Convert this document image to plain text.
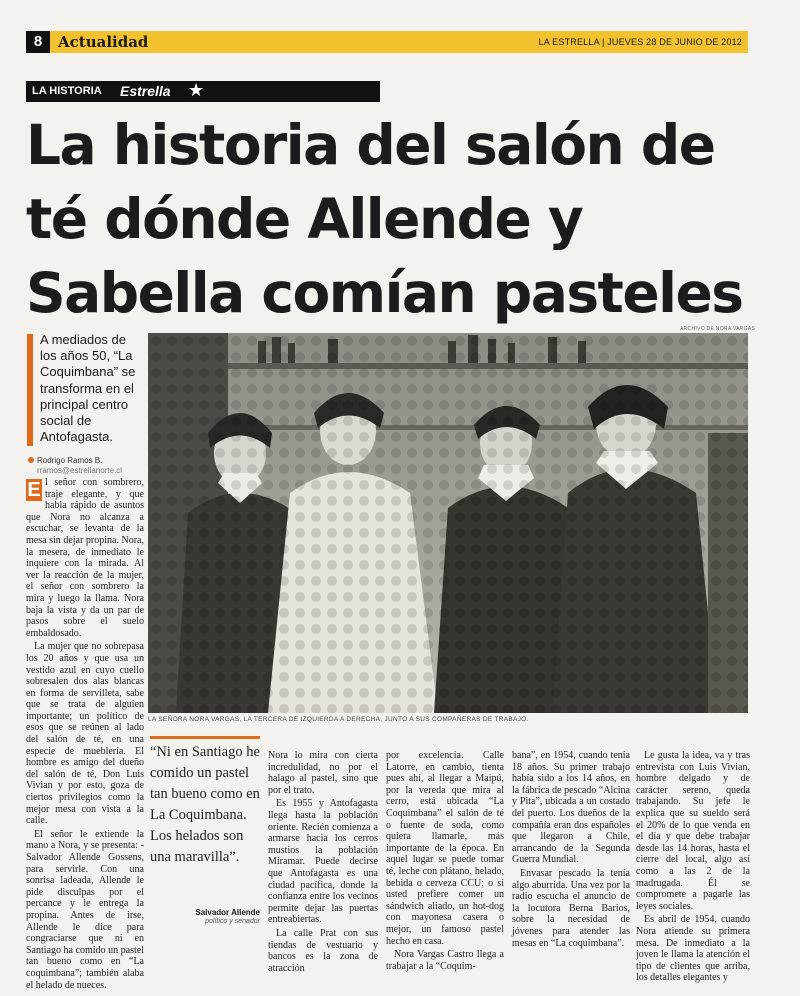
8	Actualidad	LA ESTRELLA | JUEVES 28 DE JUNIO DE 2012
LA HISTORIA Estrella ★
La historia del salón de
té dónde Allende y
Sabella comían pasteles
A mediados de los años 50, “La Coquimbana” se transforma en el principal centro social de Antofagasta.
Rodrigo Ramos B.
rramos@estrellanorte.cl
ARCHIVO DE NORA VARGAS
LA SEÑORA NORA VARGAS, LA TERCERA DE IZQUIERDA A DERECHA, JUNTO A SUS COMPAÑERAS DE TRABAJO.

E l señor con sombrero, traje elegante, y que habla rápido de asuntos que Nora no alcanza a escuchar, se levanta de la mesa sin dejar propina. Nora, la mesera, de inmediato le inquiere con la mirada. Al ver la reacción de la mujer, el señor con sombrero la mira y luego la llama. Nora baja la vista y da un par de pasos sobre el suelo embaldosado.

La mujer que no sobrepasa los 20 años y que usa un vestido azul en cuyo cuello sobresalen dos alas blancas en forma de servilleta, sabe que se trata de alguien importante; un político de esos que se reúnen al lado del salón de té, en una especie de mueblería. El hombre es amigo del dueño del salón de té, Don Luis Vivian y por esto, goza de ciertos privilegios como la mejor mesa con vista a la calle.

El señor le extiende la mano a Nora, y se presenta: -Salvador Allende Gossens, para servirle. Con una sonrisa ladeada, Allende le pide disculpas por el percance y le entrega la propina. Antes de irse, Allende le dice para congraciarse que ni en Santiago ha comido un pastel tan bueno como en “La coquimbana”; también alaba el helado de nueces.

“Ni en Santiago he comido un pastel tan bueno como en La Coquimbana. Los helados son una maravilla”.
Salvador Allende
político y senador

Nora lo mira con cierta incredulidad, no por el halago al pastel, sino que por el trato.

Es 1955 y Antofagasta llega hasta la población oriente. Recién comienza a armarse hacia los cerros mustios la población Miramar. Puede decirse que Antofagasta es una ciudad pacífica, donde la confianza entre los vecinos permite dejar las puertas entreabiertas.

La calle Prat con sus tiendas de vestuario y bancos es la zona de atracción

por excelencia. Calle Latorre, en cambio, tienta pues ahí, al llegar a Maipú, por la vereda que mira al cerro, está ubicada “La Coquimbana” el salón de té o fuente de soda, como quiera llamarle, más importante de la época. En aquel lugar se puede tomar té, leche con plátano, helado, bebida o cerveza CCU; o si usted prefiere comer un sándwich aliado, un hot-dog con mayonesa casera o mejor, un famoso pastel hecho en casa.

Nora Vargas Castro llega a trabajar a la “Coquim-

bana”, en 1954, cuando tenía 18 años. Su primer trabajo había sido a los 14 años, en la fábrica de pescado “Alcina y Pita”, ubicada a un costado del puerto. Los dueños de la compañía eran dos españoles que llegaron a Chile, arrancando de la Segunda Guerra Mundial.

Envasar pescado la tenía algo aburrida. Una vez por la radio escucha el anuncio de la locutora Berna Barios, sobre la necesidad de jóvenes para atender las mesas en “La coquimbana”.

Le gusta la idea, va y tras entrevista con Luis Vivian, hombre delgado y de carácter sereno, queda trabajando. Su jefe le explica que su sueldo será el 20% de lo que venda en el día y que debe trabajar desde las 14 horas, hasta el cierre del local, algo así como a las 2 de la madrugada. Él se compromete a pagarle las leyes sociales.

Es abril de 1954, cuando Nora atiende su primera mesa. De inmediato a la joven le llama la atención el tipo de clientes que arriba, los detalles elegantes y
